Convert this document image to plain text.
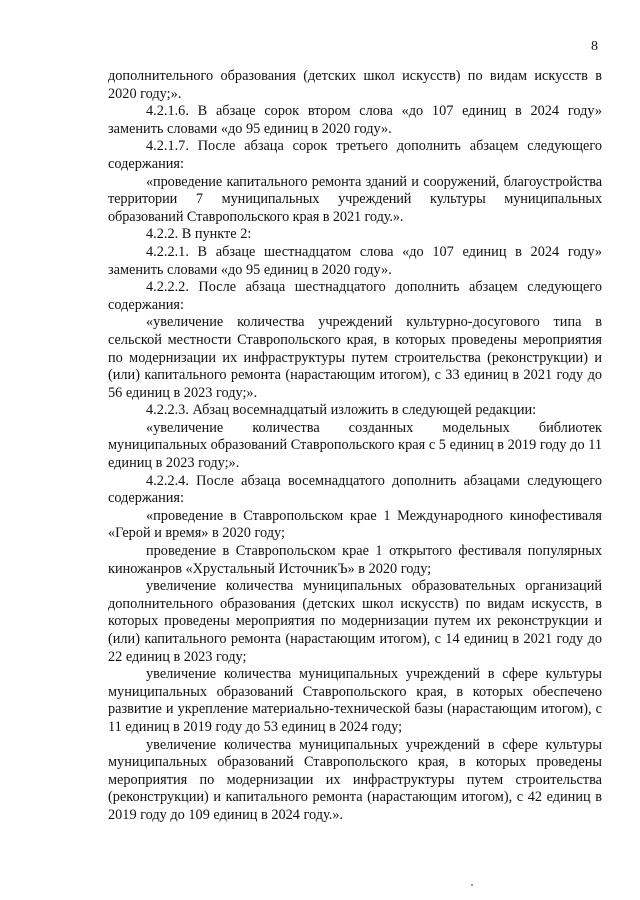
8

дополнительного образования (детских школ искусств) по видам искусств в 2020 году;».

4.2.1.6. В абзаце сорок втором слова «до 107 единиц в 2024 году» заменить словами «до 95 единиц в 2020 году».

4.2.1.7. После абзаца сорок третьего дополнить абзацем следующего содержания:

«проведение капитального ремонта зданий и сооружений, благоустройства территории 7 муниципальных учреждений культуры муниципальных образований Ставропольского края в 2021 году.».

4.2.2. В пункте 2:

4.2.2.1. В абзаце шестнадцатом слова «до 107 единиц в 2024 году» заменить словами «до 95 единиц в 2020 году».

4.2.2.2. После абзаца шестнадцатого дополнить абзацем следующего содержания:

«увеличение количества учреждений культурно-досугового типа в сельской местности Ставропольского края, в которых проведены мероприятия по модернизации их инфраструктуры путем строительства (реконструкции) и (или) капитального ремонта (нарастающим итогом), с 33 единиц в 2021 году до 56 единиц в 2023 году;».

4.2.2.3. Абзац восемнадцатый изложить в следующей редакции:

«увеличение количества созданных модельных библиотек муниципальных образований Ставропольского края с 5 единиц в 2019 году до 11 единиц в 2023 году;».

4.2.2.4. После абзаца восемнадцатого дополнить абзацами следующего содержания:

«проведение в Ставропольском крае 1 Международного кинофестиваля «Герой и время» в 2020 году;

проведение в Ставропольском крае 1 открытого фестиваля популярных киножанров «Хрустальный ИсточникЪ» в 2020 году;

увеличение количества муниципальных образовательных организаций дополнительного образования (детских школ искусств) по видам искусств, в которых проведены мероприятия по модернизации путем их реконструкции и (или) капитального ремонта (нарастающим итогом), с 14 единиц в 2021 году до 22 единиц в 2023 году;

увеличение количества муниципальных учреждений в сфере культуры муниципальных образований Ставропольского края, в которых обеспечено развитие и укрепление материально-технической базы (нарастающим итогом), с 11 единиц в 2019 году до 53 единиц в 2024 году;

увеличение количества муниципальных учреждений в сфере культуры муниципальных образований Ставропольского края, в которых проведены мероприятия по модернизации их инфраструктуры путем строительства (реконструкции) и капитального ремонта (нарастающим итогом), с 42 единиц в 2019 году до 109 единиц в 2024 году.».
